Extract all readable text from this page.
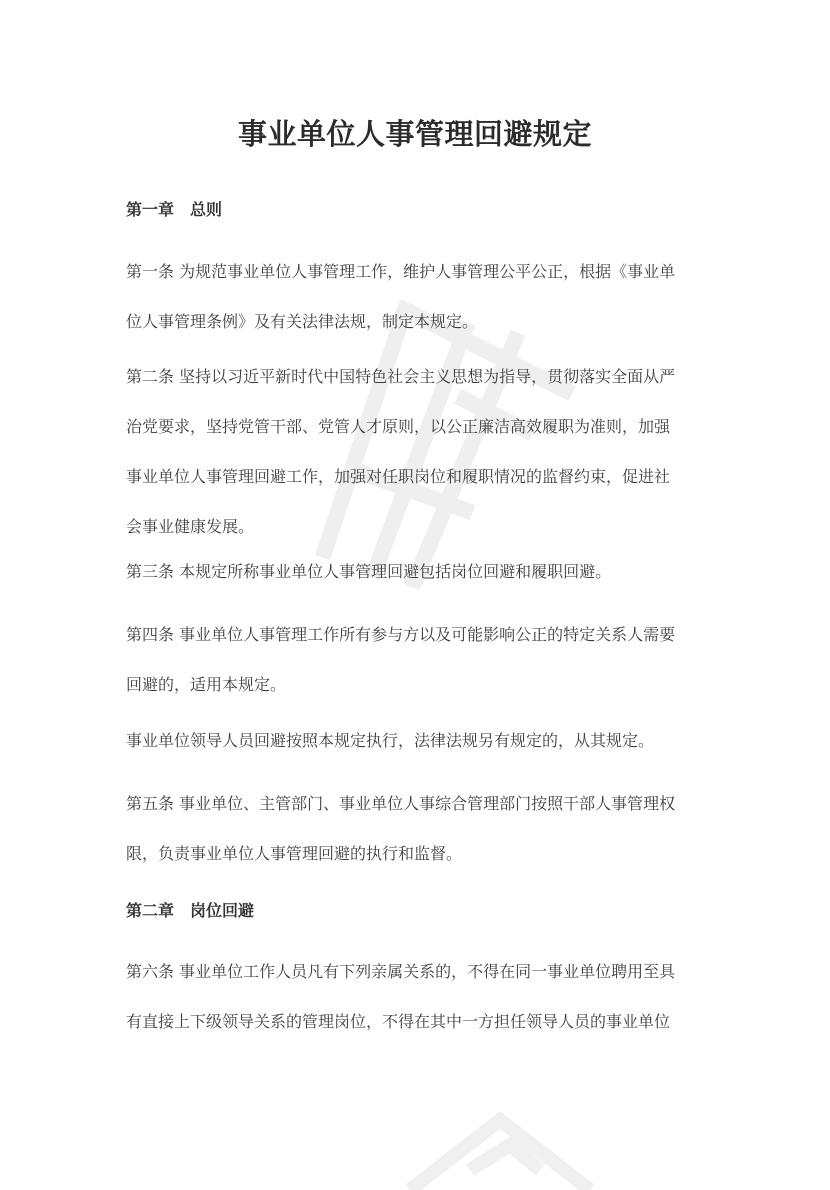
事业单位人事管理回避规定
第一章　总则
第一条 为规范事业单位人事管理工作，维护人事管理公平公正，根据《事业单
位人事管理条例》及有关法律法规，制定本规定。
第二条 坚持以习近平新时代中国特色社会主义思想为指导，贯彻落实全面从严
治党要求，坚持党管干部、党管人才原则，以公正廉洁高效履职为准则，加强
事业单位人事管理回避工作，加强对任职岗位和履职情况的监督约束，促进社
会事业健康发展。
第三条 本规定所称事业单位人事管理回避包括岗位回避和履职回避。
第四条 事业单位人事管理工作所有参与方以及可能影响公正的特定关系人需要
回避的，适用本规定。
事业单位领导人员回避按照本规定执行，法律法规另有规定的，从其规定。
第五条 事业单位、主管部门、事业单位人事综合管理部门按照干部人事管理权
限，负责事业单位人事管理回避的执行和监督。
第二章　岗位回避
第六条 事业单位工作人员凡有下列亲属关系的，不得在同一事业单位聘用至具
有直接上下级领导关系的管理岗位，不得在其中一方担任领导人员的事业单位
